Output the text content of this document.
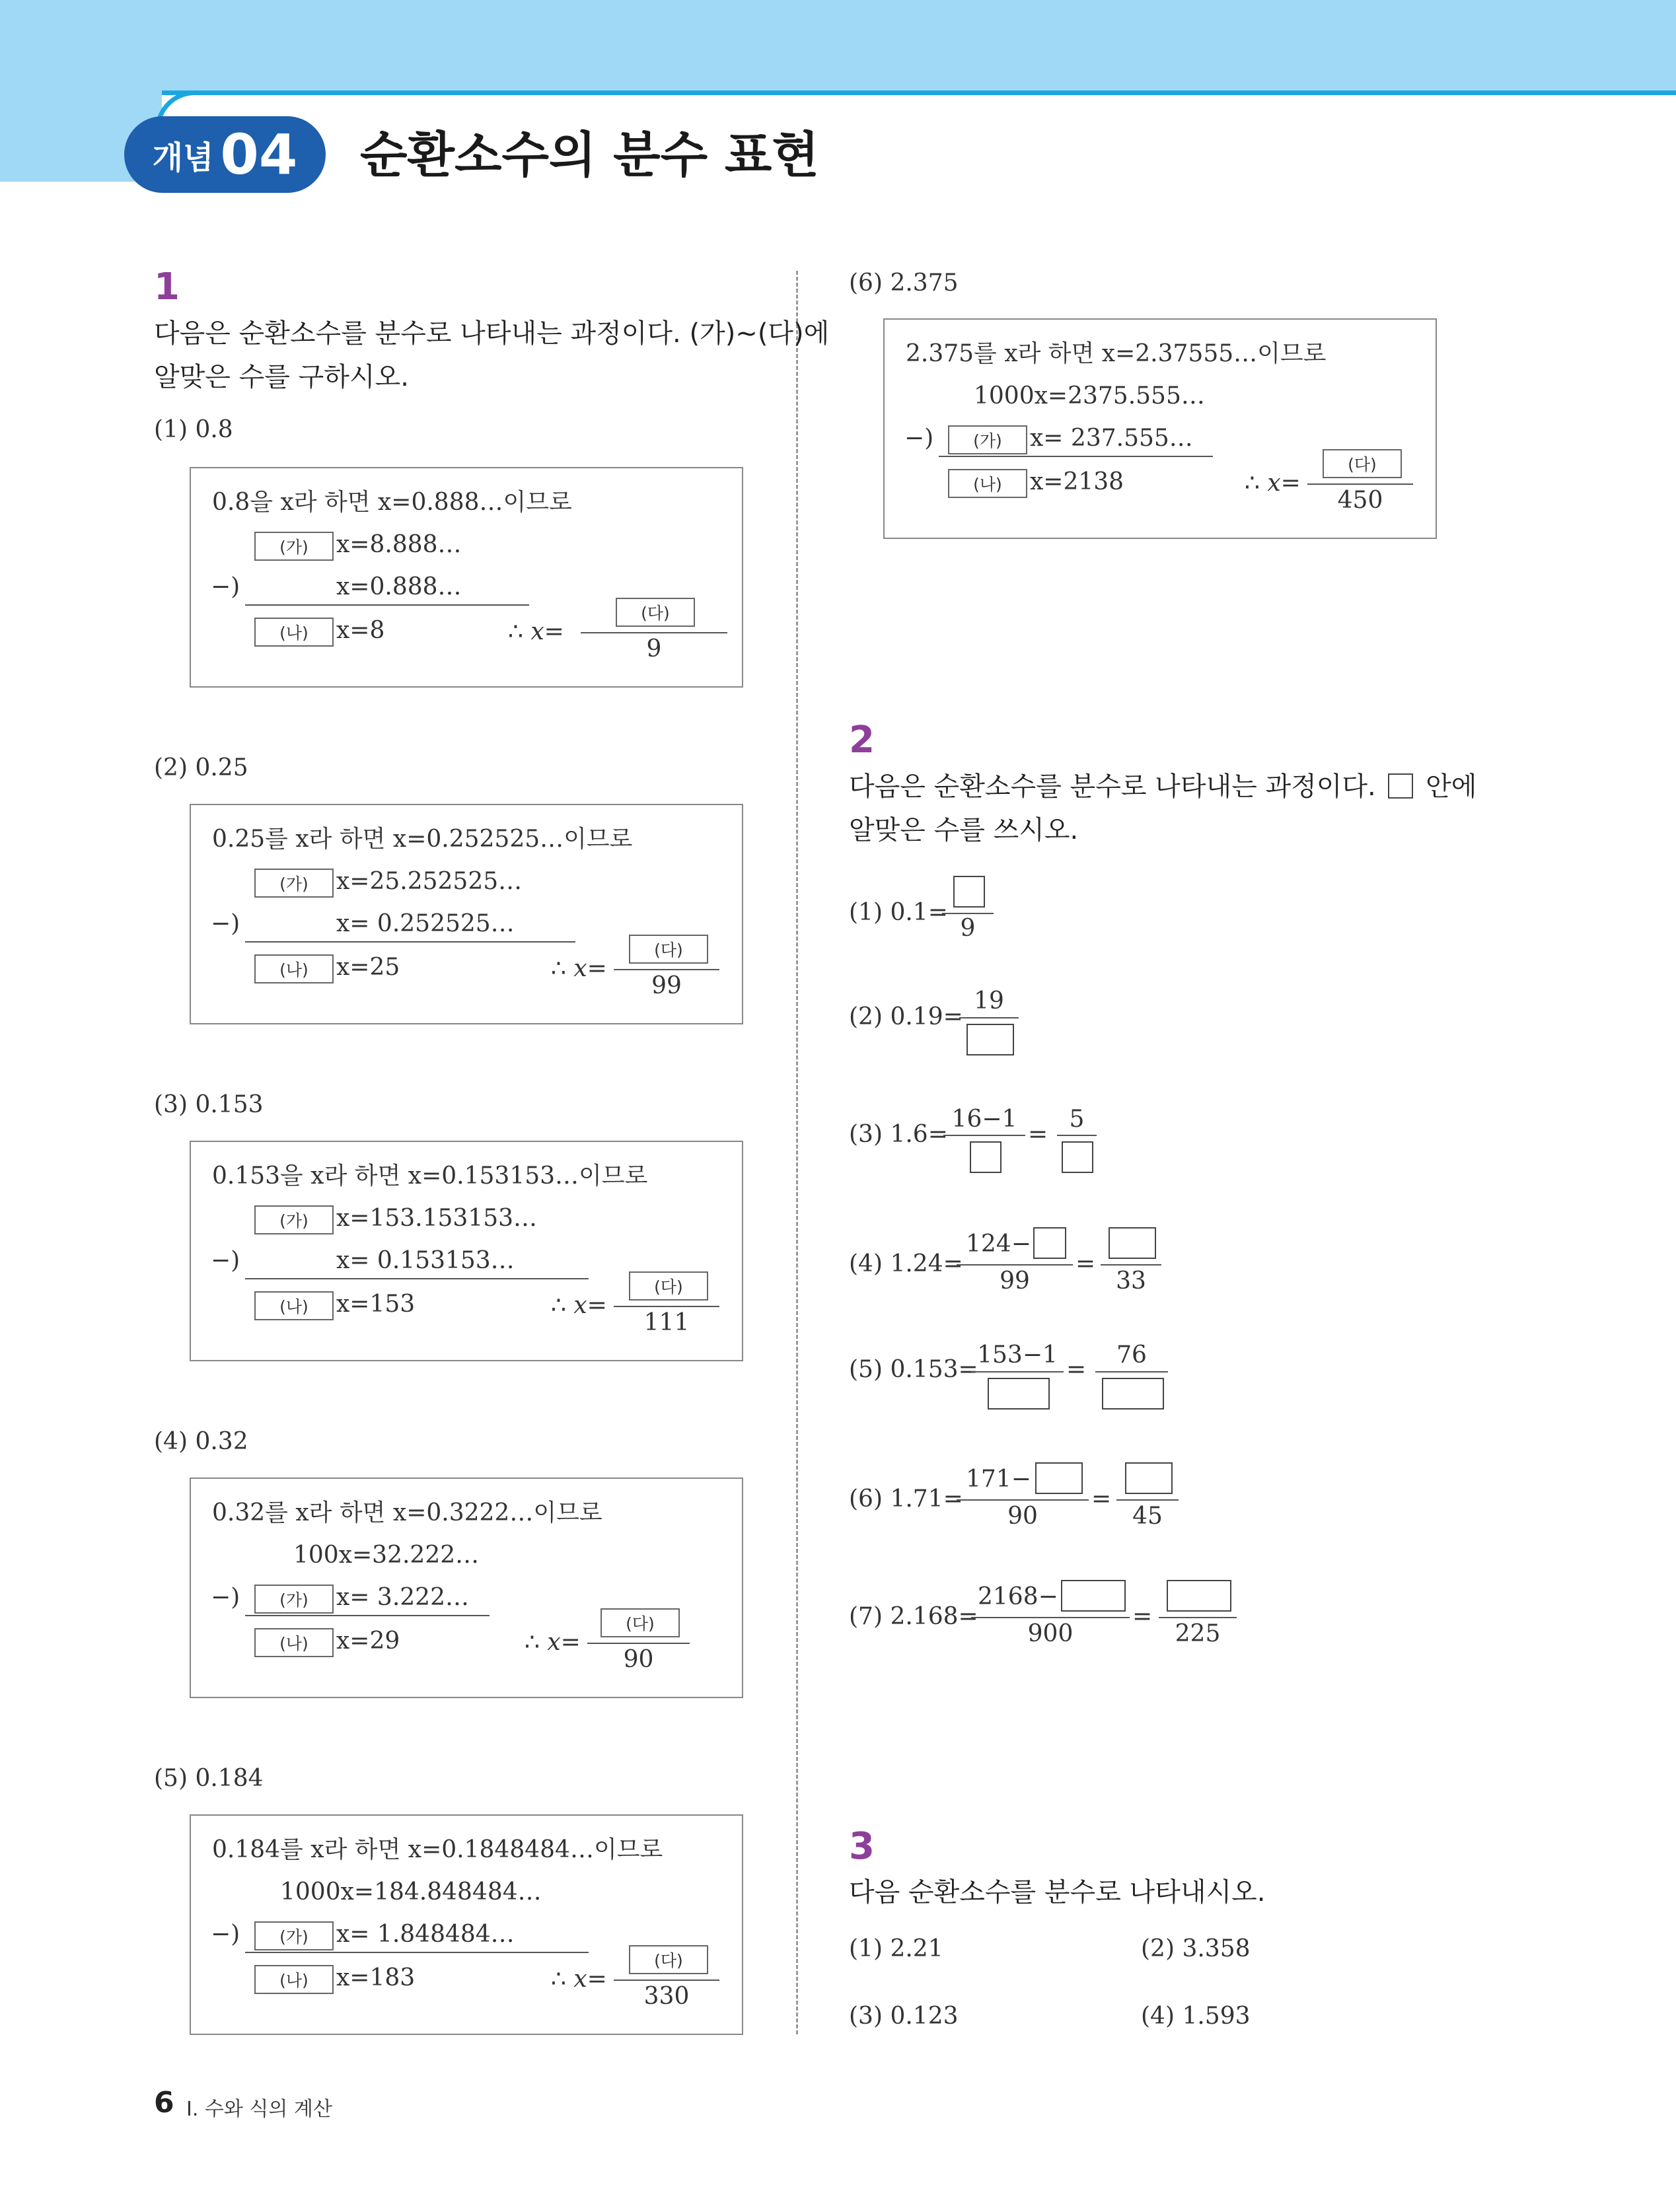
개념 04 순환소수의 분수 표현
1
다음은 순환소수를 분수로 나타내는 과정이다. (가)~(다)에
알맞은 수를 구하시오.
(1) 0.8
0.8을 x라 하면 x=0.888…이므로
(가)	x=8.888…
−)	x=0.888…
(나)	x=8	∴ x=
(다)
9
(2) 0.25
0.25를 x라 하면 x=0.252525…이므로
(가)	x=25.252525…
−)	x= 0.252525…
(나)	x=25	∴ x=
(다)
99
(3) 0.153
0.153을 x라 하면 x=0.153153…이므로
(가)	x=153.153153…
−)	x= 0.153153…
(나)	x=153	∴ x=
(다)
111
(4) 0.32
0.32를 x라 하면 x=0.3222…이므로
100x=32.222…
−)	(가)	x= 3.222…
(나)	x=29	∴ x=
(다)
90
(5) 0.184
0.184를 x라 하면 x=0.1848484…이므로
1000x=184.848484…
−)	(가)	x= 1.848484…
(나)	x=183	∴ x=
(다)
330
(6) 2.375
2.375를 x라 하면 x=2.37555…이므로
1000x=2375.555…
−)	(가)	x= 237.555…
(나)	x=2138	∴ x=
(다)
450
2
다음은 순환소수를 분수로 나타내는 과정이다. 안에
알맞은 수를 쓰시오.
(1) 0.1=
9
(2) 0.19=
19
(3) 1.6=
16−1
=
5
(4) 1.24=
124−
99
=
33
(5) 0.153=
153−1
=
76
(6) 1.71=
171−
90
=
45
(7) 2.168=
2168−
900
=
225
3
다음 순환소수를 분수로 나타내시오.
(1) 2.21	(2) 3.358
(3) 0.123	(4) 1.593
6 Ⅰ. 수와 식의 계산
